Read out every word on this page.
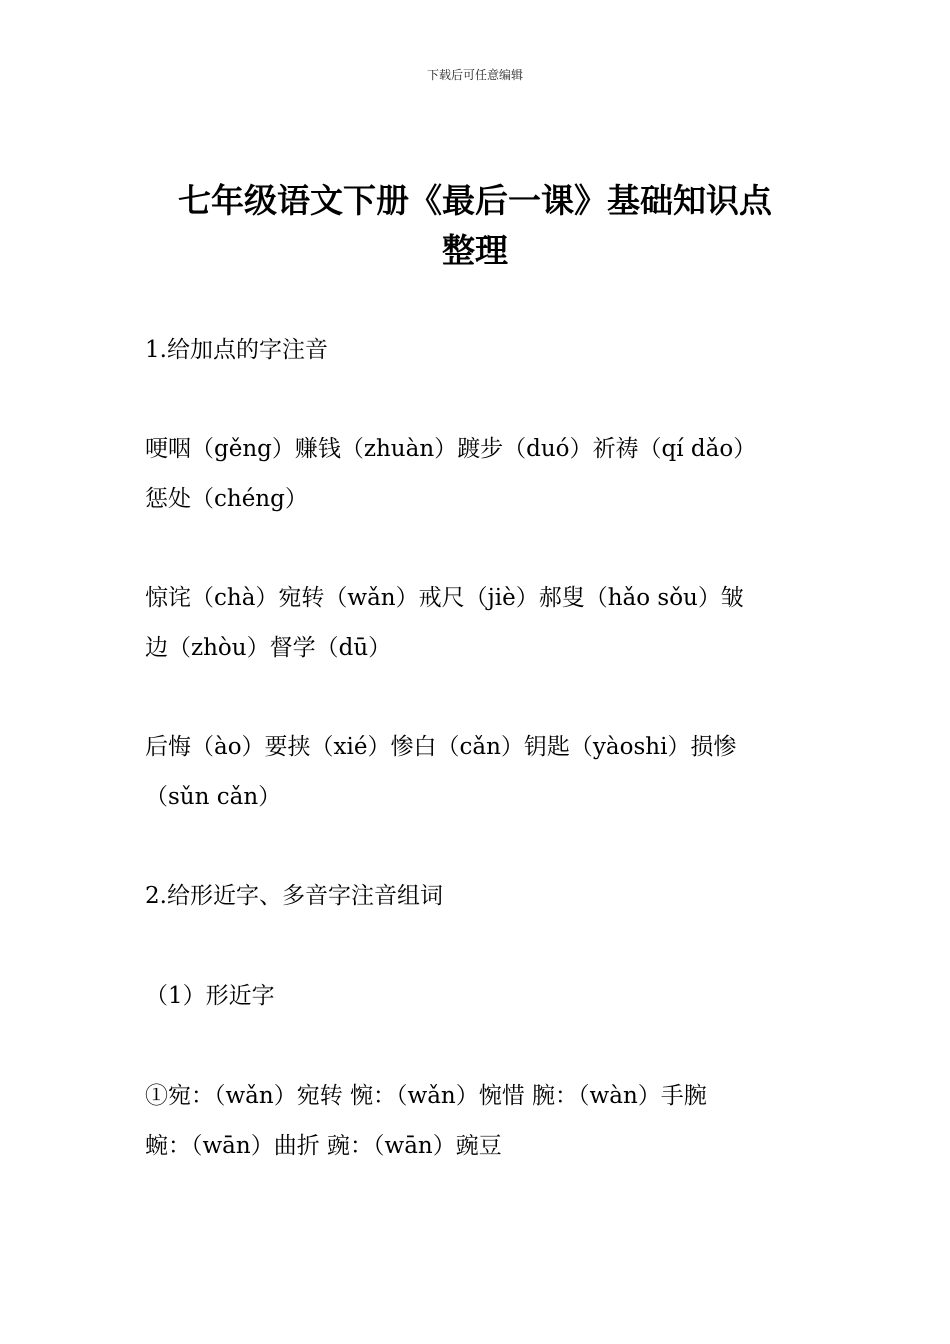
下载后可任意编辑
七年级语文下册《最后一课》基础知识点
整理
1.给加点的字注音
哽咽（gěng）赚钱（zhuàn）踱步（duó）祈祷（qí dǎo）
惩处（chéng）
惊诧（chà）宛转（wǎn）戒尺（jiè）郝叟（hǎo sǒu）皱
边（zhòu）督学（dū）
后悔（ào）要挟（xié）惨白（cǎn）钥匙（yàoshi）损惨
（sǔn cǎn）
2.给形近字、多音字注音组词
（1）形近字
①宛：（wǎn）宛转 惋：（wǎn）惋惜 腕：（wàn）手腕
蜿：（wān）曲折 豌：（wān）豌豆
